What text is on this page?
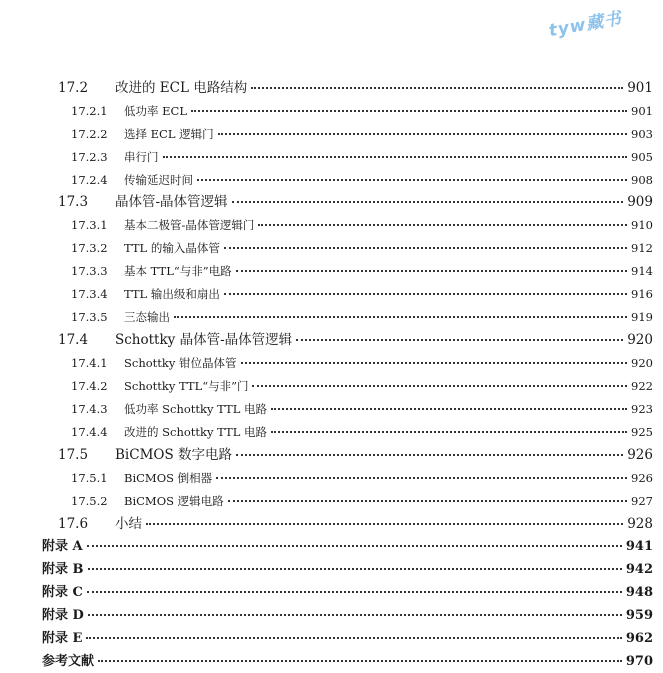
tyw藏书
17.2	改进的 ECL 电路结构	901
17.2.1	低功率 ECL	901
17.2.2	选择 ECL 逻辑门	903
17.2.3	串行门	905
17.2.4	传输延迟时间	908
17.3	晶体管-晶体管逻辑	909
17.3.1	基本二极管-晶体管逻辑门	910
17.3.2	TTL 的输入晶体管	912
17.3.3	基本 TTL“与非”电路	914
17.3.4	TTL 输出级和扇出	916
17.3.5	三态输出	919
17.4	Schottky 晶体管-晶体管逻辑	920
17.4.1	Schottky 钳位晶体管	920
17.4.2	Schottky TTL“与非”门	922
17.4.3	低功率 Schottky TTL 电路	923
17.4.4	改进的 Schottky TTL 电路	925
17.5	BiCMOS 数字电路	926
17.5.1	BiCMOS 倒相器	926
17.5.2	BiCMOS 逻辑电路	927
17.6	小结	928
附录 A	941
附录 B	942
附录 C	948
附录 D	959
附录 E	962
参考文献	970
